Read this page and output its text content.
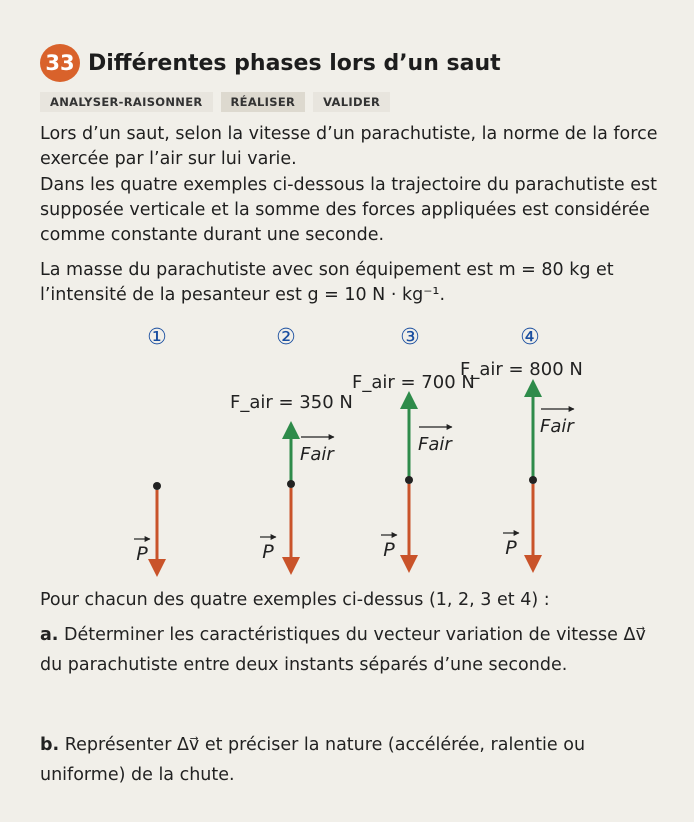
33 Différentes phases lors d’un saut
ANALYSER-RAISONNER	RÉALISER	VALIDER
Lors d’un saut, selon la vitesse d’un parachutiste, la norme de la force exercée par l’air sur lui varie.
Dans les quatre exemples ci-dessous la trajectoire du parachutiste est supposée verticale et la somme des forces appliquées est considérée comme constante durant une seconde.
La masse du parachutiste avec son équipement est m = 80 kg et l’intensité de la pesanteur est g = 10 N · kg⁻¹.
①	②	③	④
P
F_air = 350 N
Fair
P
F_air = 700 N
Fair
P
F_air = 800 N
Fair
P
Pour chacun des quatre exemples ci-dessus (1, 2, 3 et 4) :
a. Déterminer les caractéristiques du vecteur variation de vitesse Δv⃗ du parachutiste entre deux instants séparés d’une seconde.
b. Représenter Δv⃗ et préciser la nature (accélérée, ralentie ou uniforme) de la chute.
